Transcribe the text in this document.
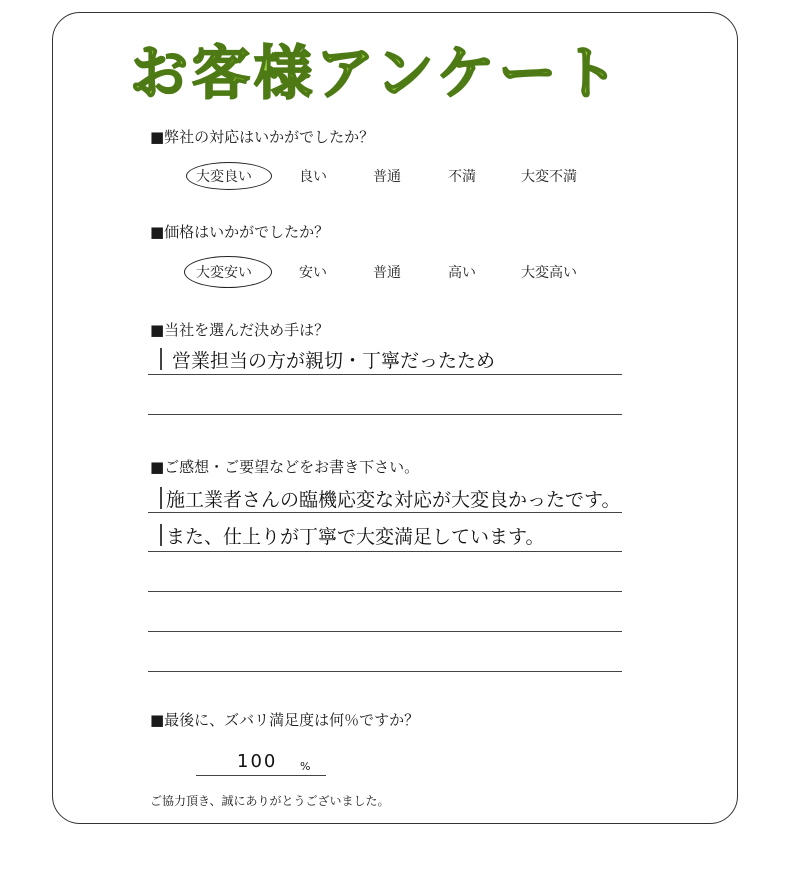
お客様アンケート
■弊社の対応はいかがでしたか？
大変良い	良い	普通	不満	大変不満
■価格はいかがでしたか？
大変安い	安い	普通	高い	大変高い
■当社を選んだ決め手は？
営業担当の方が親切・丁寧だったため
■ご感想・ご要望などをお書き下さい。
施工業者さんの臨機応変な対応が大変良かったです。
また、仕上りが丁寧で大変満足しています。
■最後に、ズバリ満足度は何％ですか？
100 %
ご協力頂き、誠にありがとうございました。
